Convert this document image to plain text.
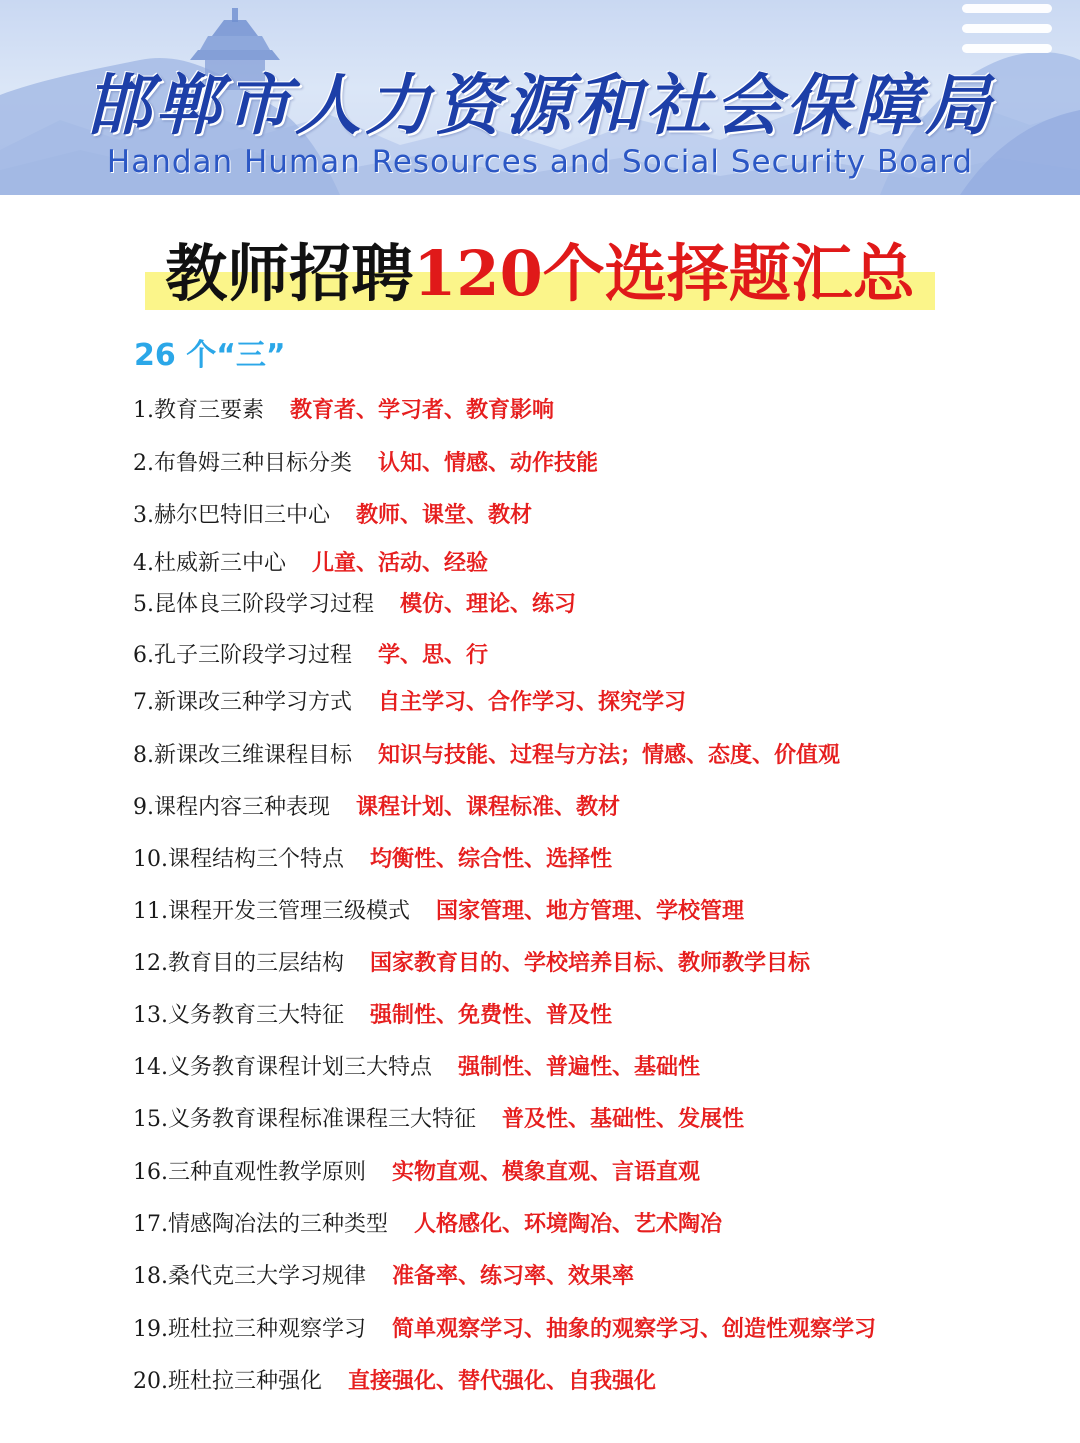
邯郸市人力资源和社会保障局
Handan Human Resources and Social Security Board
教师招聘120个选择题汇总
26 个“三”
1.教育三要素 教育者、学习者、教育影响
2.布鲁姆三种目标分类 认知、情感、动作技能
3.赫尔巴特旧三中心 教师、课堂、教材
4.杜威新三中心 儿童、活动、经验
5.昆体良三阶段学习过程 模仿、理论、练习
6.孔子三阶段学习过程 学、思、行
7.新课改三种学习方式 自主学习、合作学习、探究学习
8.新课改三维课程目标 知识与技能、过程与方法；情感、态度、价值观
9.课程内容三种表现 课程计划、课程标准、教材
10.课程结构三个特点 均衡性、综合性、选择性
11.课程开发三管理三级模式 国家管理、地方管理、学校管理
12.教育目的三层结构 国家教育目的、学校培养目标、教师教学目标
13.义务教育三大特征 强制性、免费性、普及性
14.义务教育课程计划三大特点 强制性、普遍性、基础性
15.义务教育课程标准课程三大特征 普及性、基础性、发展性
16.三种直观性教学原则 实物直观、模象直观、言语直观
17.情感陶冶法的三种类型 人格感化、环境陶冶、艺术陶冶
18.桑代克三大学习规律 准备率、练习率、效果率
19.班杜拉三种观察学习 简单观察学习、抽象的观察学习、创造性观察学习
20.班杜拉三种强化 直接强化、替代强化、自我强化
